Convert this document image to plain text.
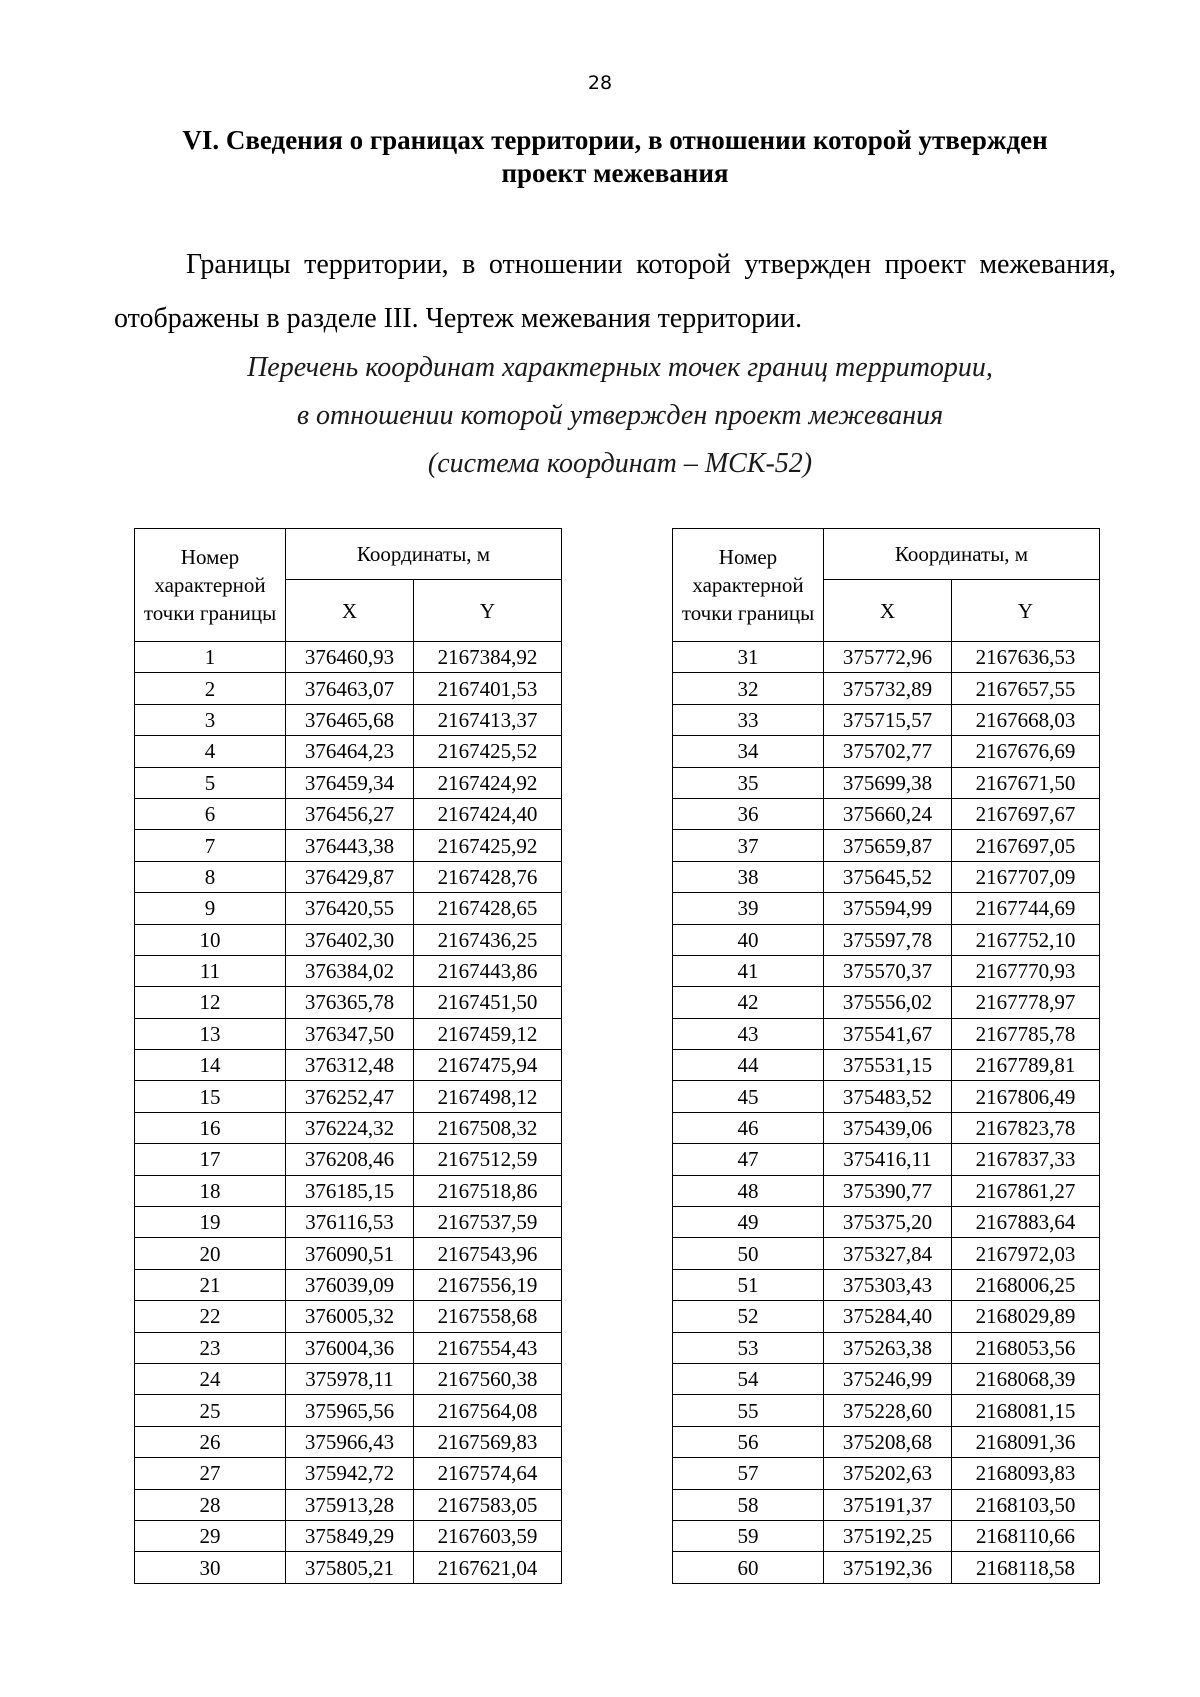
28
VI. Сведения о границах территории, в отношении которой утвержден
проект межевания
Границы территории, в отношении которой утвержден проект межевания, отображены в разделе III. Чертеж межевания территории.
Перечень координат характерных точек границ территории,
в отношении которой утвержден проект межевания
(система координат – МСК-52)
Номер характерной точки границы	Координаты, м	
	X	Y
1	376460,93	2167384,92
2	376463,07	2167401,53
3	376465,68	2167413,37
4	376464,23	2167425,52
5	376459,34	2167424,92
6	376456,27	2167424,40
7	376443,38	2167425,92
8	376429,87	2167428,76
9	376420,55	2167428,65
10	376402,30	2167436,25
11	376384,02	2167443,86
12	376365,78	2167451,50
13	376347,50	2167459,12
14	376312,48	2167475,94
15	376252,47	2167498,12
16	376224,32	2167508,32
17	376208,46	2167512,59
18	376185,15	2167518,86
19	376116,53	2167537,59
20	376090,51	2167543,96
21	376039,09	2167556,19
22	376005,32	2167558,68
23	376004,36	2167554,43
24	375978,11	2167560,38
25	375965,56	2167564,08
26	375966,43	2167569,83
27	375942,72	2167574,64
28	375913,28	2167583,05
29	375849,29	2167603,59
30	375805,21	2167621,04
Номер характерной точки границы	Координаты, м	
	X	Y
31	375772,96	2167636,53
32	375732,89	2167657,55
33	375715,57	2167668,03
34	375702,77	2167676,69
35	375699,38	2167671,50
36	375660,24	2167697,67
37	375659,87	2167697,05
38	375645,52	2167707,09
39	375594,99	2167744,69
40	375597,78	2167752,10
41	375570,37	2167770,93
42	375556,02	2167778,97
43	375541,67	2167785,78
44	375531,15	2167789,81
45	375483,52	2167806,49
46	375439,06	2167823,78
47	375416,11	2167837,33
48	375390,77	2167861,27
49	375375,20	2167883,64
50	375327,84	2167972,03
51	375303,43	2168006,25
52	375284,40	2168029,89
53	375263,38	2168053,56
54	375246,99	2168068,39
55	375228,60	2168081,15
56	375208,68	2168091,36
57	375202,63	2168093,83
58	375191,37	2168103,50
59	375192,25	2168110,66
60	375192,36	2168118,58
